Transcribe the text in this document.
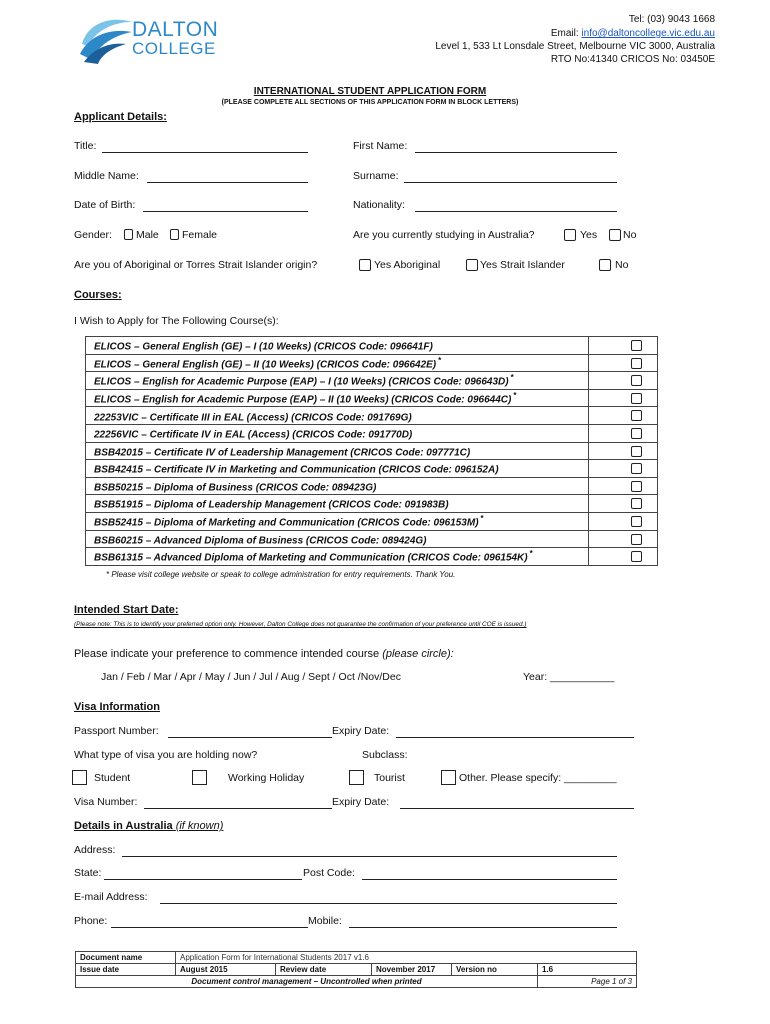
DALTON
COLLEGE
Tel: (03) 9043 1668
Email: info@daltoncollege.vic.edu.au
Level 1, 533 Lt Lonsdale Street, Melbourne VIC 3000, Australia
RTO No:41340 CRICOS No: 03450E
INTERNATIONAL STUDENT APPLICATION FORM
(PLEASE COMPLETE ALL SECTIONS OF THIS APPLICATION FORM IN BLOCK LETTERS)
Applicant Details:
Title:	First Name:
Middle Name:	Surname:
Date of Birth:	Nationality:
Gender: Male Female	Are you currently studying in Australia?	Yes No
Are you of Aboriginal or Torres Strait Islander origin?	Yes Aboriginal	Yes Strait Islander	No
Courses:
I Wish to Apply for The Following Course(s):
ELICOS – General English (GE) – I (10 Weeks) (CRICOS Code: 096641F)	

ELICOS – General English (GE) – II (10 Weeks) (CRICOS Code: 096642E) *	

ELICOS – English for Academic Purpose (EAP) – I (10 Weeks) (CRICOS Code: 096643D) *	

ELICOS – English for Academic Purpose (EAP) – II (10 Weeks) (CRICOS Code: 096644C) *	

22253VIC – Certificate III in EAL (Access) (CRICOS Code: 091769G)	

22256VIC – Certificate IV in EAL (Access) (CRICOS Code: 091770D)	

BSB42015 – Certificate IV of Leadership Management (CRICOS Code: 097771C)	

BSB42415 – Certificate IV in Marketing and Communication (CRICOS Code: 096152A)	

BSB50215 – Diploma of Business (CRICOS Code: 089423G)	

BSB51915 – Diploma of Leadership Management (CRICOS Code: 091983B)	

BSB52415 – Diploma of Marketing and Communication (CRICOS Code: 096153M) *	

BSB60215 – Advanced Diploma of Business (CRICOS Code: 089424G)	

BSB61315 – Advanced Diploma of Marketing and Communication (CRICOS Code: 096154K) *	
* Please visit college website or speak to college administration for entry requirements. Thank You.
Intended Start Date:
(Please note: This is to identify your preferred option only. However, Dalton College does not guarantee the confirmation of your preference until COE is issued.)
Please indicate your preference to commence intended course (please circle):
Jan / Feb / Mar / Apr / May / Jun / Jul / Aug / Sept / Oct /Nov/Dec	Year: ___________
Visa Information
Passport Number:	Expiry Date:
What type of visa you are holding now?	Subclass:
Student	Working Holiday	Tourist	Other. Please specify: _________
Visa Number:	Expiry Date:
Details in Australia (if known)
Address:
State:	Post Code:
E-mail Address:
Phone:	Mobile:
Document name	Application Form for International Students 2017 v1.6				
Issue date	August 2015	Review date	November 2017	Version no	1.6
Document control management – Uncontrolled when printed					Page 1 of 3
